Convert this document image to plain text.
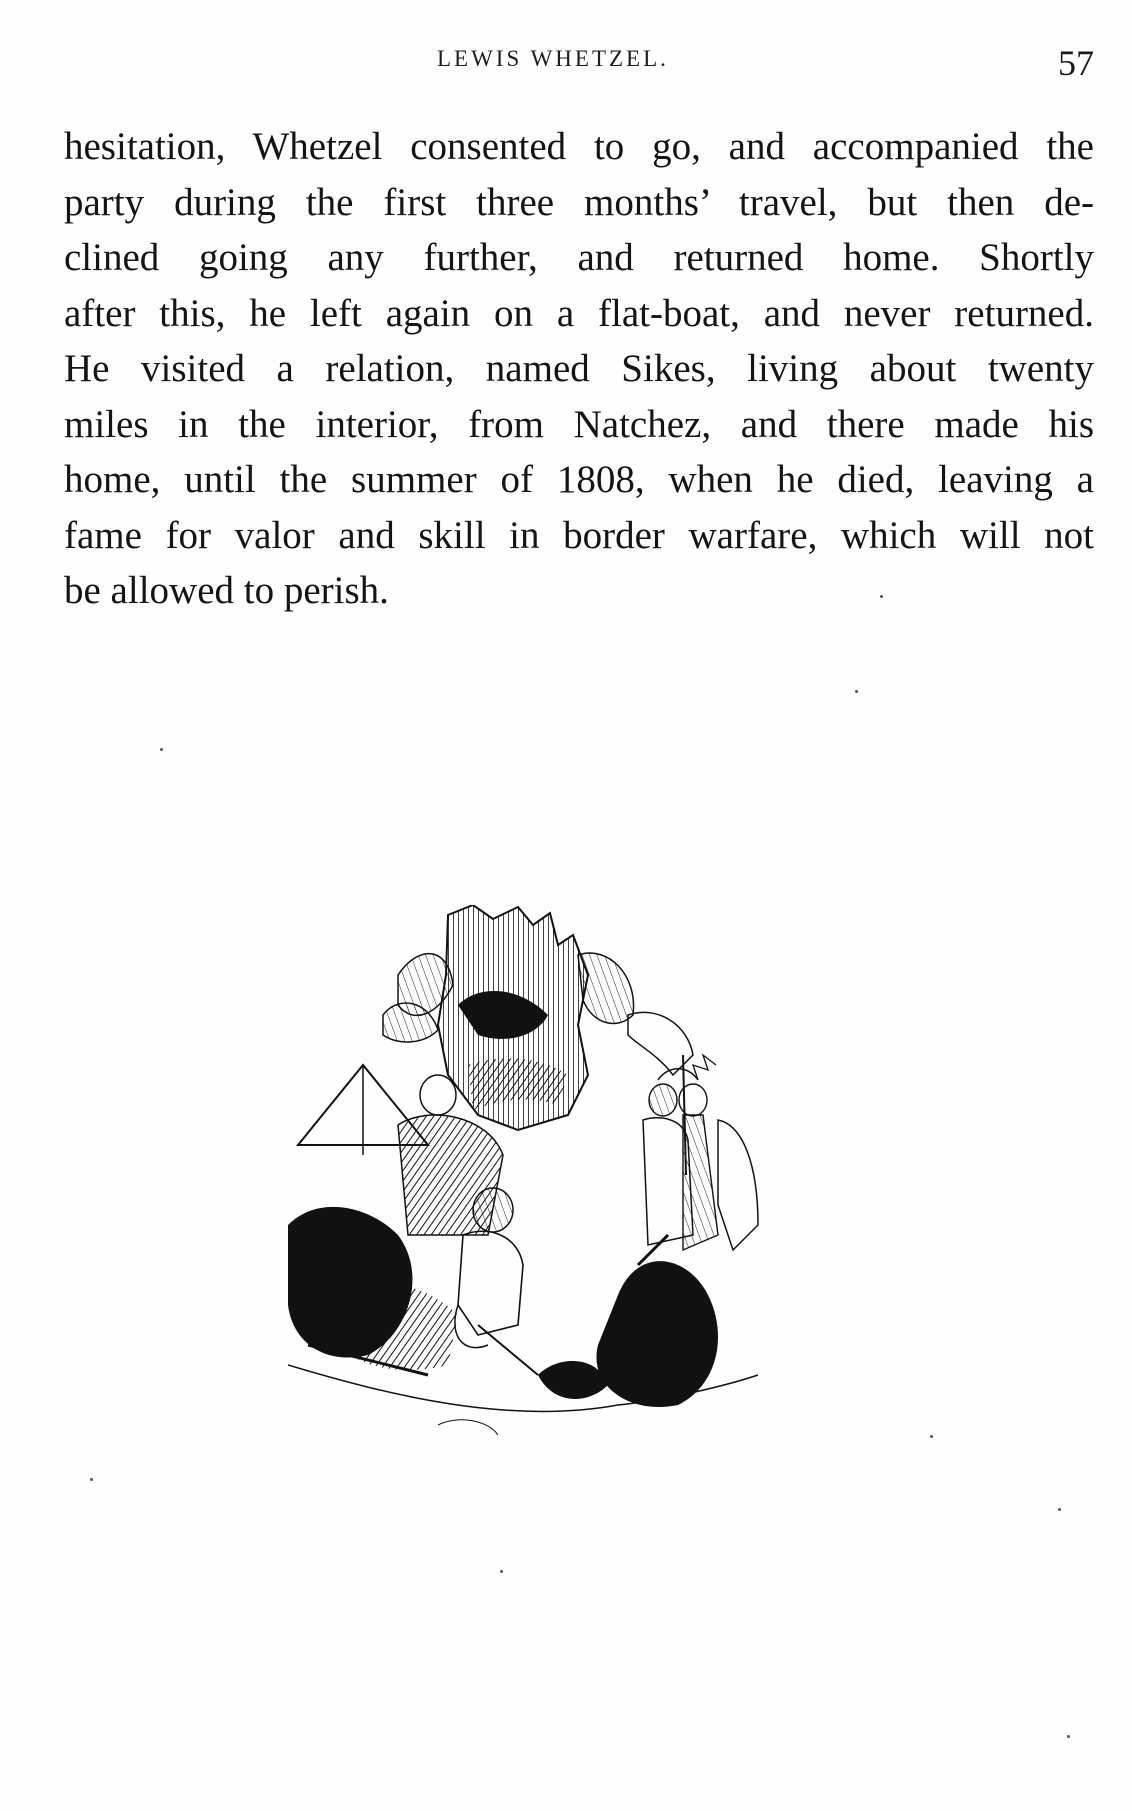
LEWIS WHETZEL.	57

hesitation, Whetzel consented to go, and accompanied the
party during the first three months’ travel, but then de-
clined going any further, and returned home. Shortly
after this, he left again on a flat-boat, and never returned.
He visited a relation, named Sikes, living about twenty
miles in the interior, from Natchez, and there made his
home, until the summer of 1808, when he died, leaving a
fame for valor and skill in border warfare, which will not
be allowed to perish.
